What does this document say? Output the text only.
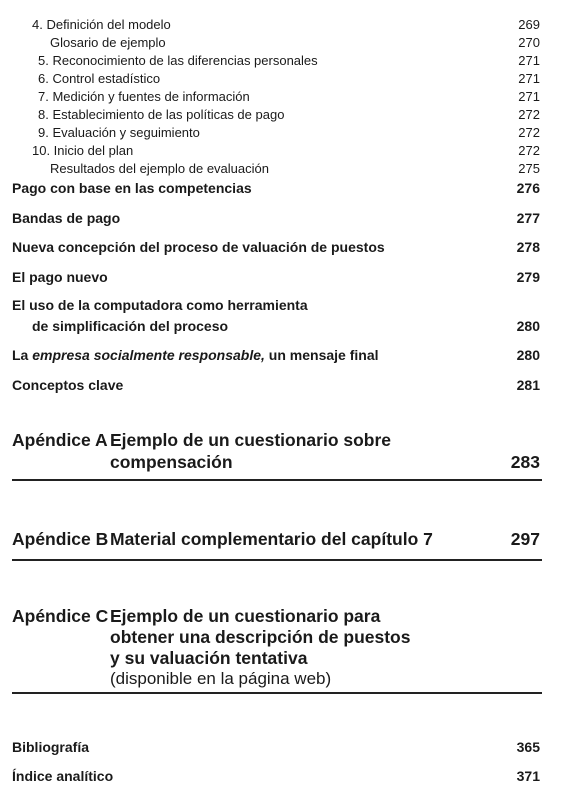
4. Definición del modelo	269
Glosario de ejemplo	270
5. Reconocimiento de las diferencias personales	271
6. Control estadístico	271
7. Medición y fuentes de información	271
8. Establecimiento de las políticas de pago	272
9. Evaluación y seguimiento	272
10. Inicio del plan	272
Resultados del ejemplo de evaluación	275
Pago con base en las competencias	276
Bandas de pago	277
Nueva concepción del proceso de valuación de puestos	278
El pago nuevo	279
El uso de la computadora como herramienta
de simplificación del proceso	280
La empresa socialmente responsable, un mensaje final	280
Conceptos clave	281
Apéndice A Ejemplo de un cuestionario sobre
compensación	283
Apéndice B Material complementario del capítulo 7	297
Apéndice C Ejemplo de un cuestionario para
obtener una descripción de puestos
y su valuación tentativa
(disponible en la página web)
Bibliografía	365
Índice analítico	371
